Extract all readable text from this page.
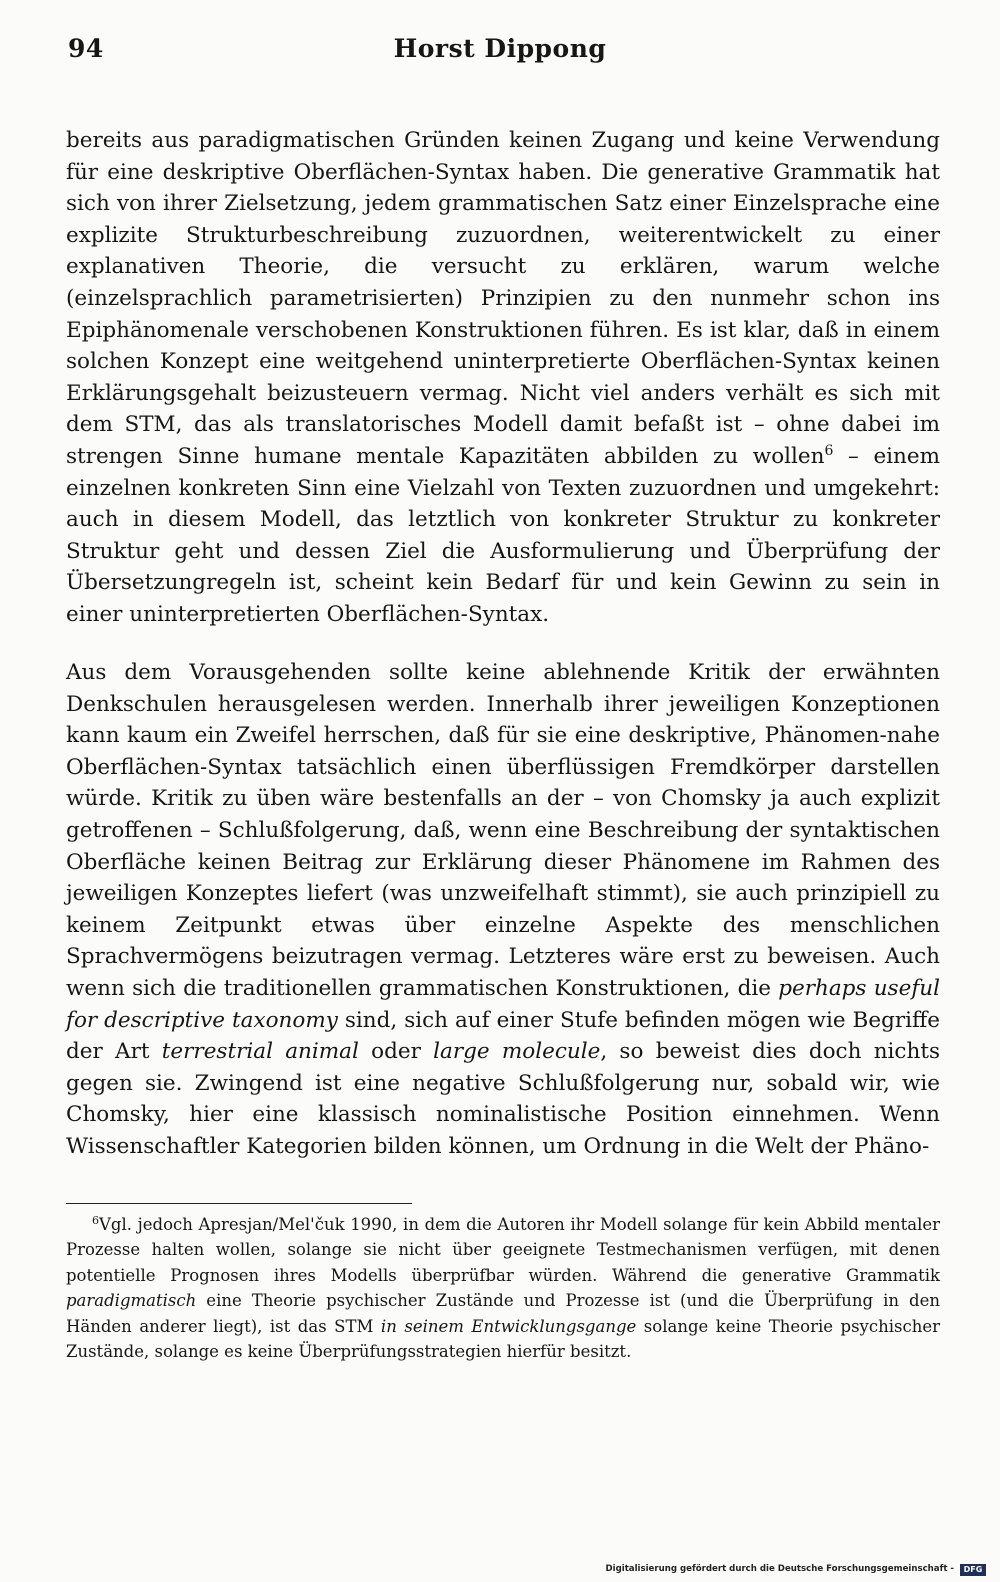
94	Horst Dippong

bereits aus paradigmatischen Gründen keinen Zugang und keine Verwendung für eine deskriptive Oberflächen-Syntax haben. Die generative Grammatik hat sich von ihrer Zielsetzung, jedem grammatischen Satz einer Einzelsprache eine explizite Strukturbeschreibung zuzuordnen, weiterentwickelt zu einer explanativen Theorie, die versucht zu erklären, warum welche (einzelsprachlich parametrisierten) Prinzipien zu den nunmehr schon ins Epiphänomenale verschobenen Konstruktionen führen. Es ist klar, daß in einem solchen Konzept eine weitgehend uninterpretierte Oberflächen-Syntax keinen Erklärungsgehalt beizusteuern vermag. Nicht viel anders verhält es sich mit dem STM, das als translatorisches Modell damit befaßt ist – ohne dabei im strengen Sinne humane mentale Kapazitäten abbilden zu wollen$^6$ – einem einzelnen konkreten Sinn eine Vielzahl von Texten zuzuordnen und umgekehrt: auch in diesem Modell, das letztlich von konkreter Struktur zu konkreter Struktur geht und dessen Ziel die Ausformulierung und Überprüfung der Übersetzungregeln ist, scheint kein Bedarf für und kein Gewinn zu sein in einer uninterpretierten Oberflächen-Syntax.

Aus dem Vorausgehenden sollte keine ablehnende Kritik der erwähnten Denkschulen herausgelesen werden. Innerhalb ihrer jeweiligen Konzeptionen kann kaum ein Zweifel herrschen, daß für sie eine deskriptive, Phänomen-nahe Oberflächen-Syntax tatsächlich einen überflüssigen Fremdkörper darstellen würde. Kritik zu üben wäre bestenfalls an der – von Chomsky ja auch explizit getroffenen – Schlußfolgerung, daß, wenn eine Beschreibung der syntaktischen Oberfläche keinen Beitrag zur Erklärung dieser Phänomene im Rahmen des jeweiligen Konzeptes liefert (was unzweifelhaft stimmt), sie auch prinzipiell zu keinem Zeitpunkt etwas über einzelne Aspekte des menschlichen Sprachvermögens beizutragen vermag. Letzteres wäre erst zu beweisen. Auch wenn sich die traditionellen grammatischen Konstruktionen, die perhaps useful for descriptive taxonomy sind, sich auf einer Stufe befinden mögen wie Begriffe der Art terrestrial animal oder large molecule, so beweist dies doch nichts gegen sie. Zwingend ist eine negative Schlußfolgerung nur, sobald wir, wie Chomsky, hier eine klassisch nominalistische Position einnehmen. Wenn Wissenschaftler Kategorien bilden können, um Ordnung in die Welt der Phäno-

$^6$Vgl. jedoch Apresjan/Mel'čuk 1990, in dem die Autoren ihr Modell solange für kein Abbild mentaler Prozesse halten wollen, solange sie nicht über geeignete Testmechanismen verfügen, mit denen potentielle Prognosen ihres Modells überprüfbar würden. Während die generative Grammatik paradigmatisch eine Theorie psychischer Zustände und Prozesse ist (und die Überprüfung in den Händen anderer liegt), ist das STM in seinem Entwicklungsgange solange keine Theorie psychischer Zustände, solange es keine Überprüfungsstrategien hierfür besitzt.

Digitalisierung gefördert durch die Deutsche Forschungsgemeinschaft -	DFG
